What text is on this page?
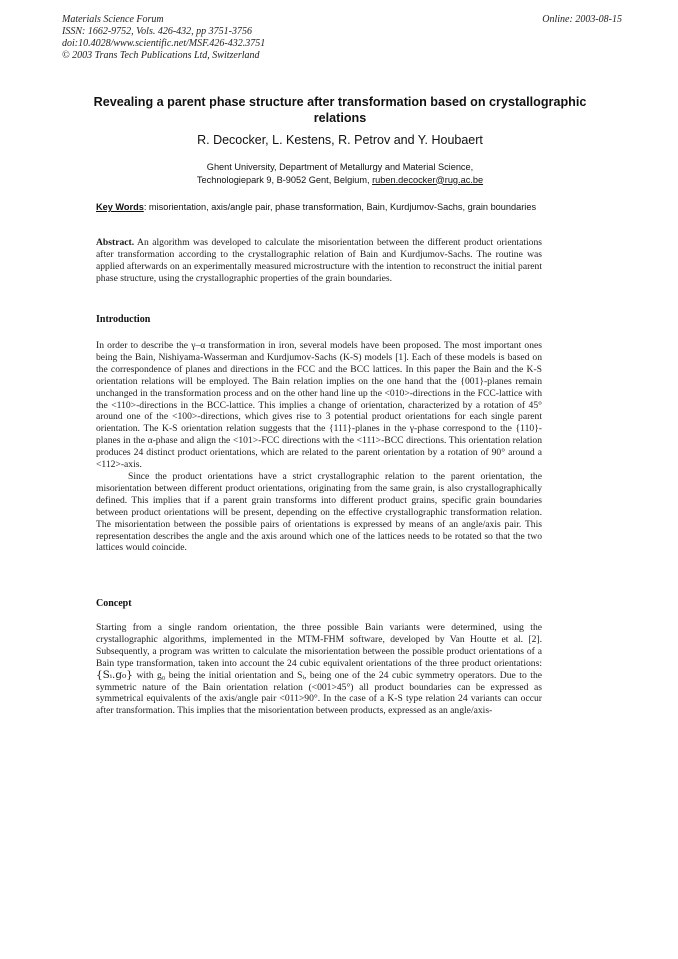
Materials Science Forum	Online: 2003-08-15
ISSN: 1662-9752, Vols. 426-432, pp 3751-3756
doi:10.4028/www.scientific.net/MSF.426-432.3751
© 2003 Trans Tech Publications Ltd, Switzerland
Revealing a parent phase structure after transformation based on crystallographic relations
R. Decocker, L. Kestens, R. Petrov and Y. Houbaert
Ghent University, Department of Metallurgy and Material Science,
Technologiepark 9, B-9052 Gent, Belgium, ruben.decocker@rug.ac.be
Key Words: misorientation, axis/angle pair, phase transformation, Bain, Kurdjumov-Sachs, grain boundaries

Abstract. An algorithm was developed to calculate the misorientation between the different product orientations after transformation according to the crystallographic relation of Bain and Kurdjumov-Sachs. The routine was applied afterwards on an experimentally measured microstructure with the intention to reconstruct the initial parent phase structure, using the crystallographic properties of the grain boundaries.

Introduction

In order to describe the γ–α transformation in iron, several models have been proposed. The most important ones being the Bain, Nishiyama-Wasserman and Kurdjumov-Sachs (K-S) models [1]. Each of these models is based on the correspondence of planes and directions in the FCC and the BCC lattices. In this paper the Bain and the K-S orientation relations will be employed. The Bain relation implies on the one hand that the {001}-planes remain unchanged in the transformation process and on the other hand line up the <010>-directions in the FCC-lattice with the <110>-directions in the BCC-lattice. This implies a change of orientation, characterized by a rotation of 45° around one of the <100>-directions, which gives rise to 3 potential product orientations for each single parent orientation. The K-S orientation relation suggests that the {111}-planes in the γ-phase correspond to the {110}-planes in the α-phase and align the <101>-FCC directions with the <111>-BCC directions. This orientation relation produces 24 distinct product orientations, which are related to the parent orientation by a rotation of 90° around a <112>-axis.

Since the product orientations have a strict crystallographic relation to the parent orientation, the misorientation between different product orientations, originating from the same grain, is also crystallographically defined. This implies that if a parent grain transforms into different product grains, specific grain boundaries between product orientations will be present, depending on the effective crystallographic transformation relation. The misorientation between the possible pairs of orientations is expressed by means of an angle/axis pair. This representation describes the angle and the axis around which one of the lattices needs to be rotated so that the two lattices would coincide.

Concept

Starting from a single random orientation, the three possible Bain variants were determined, using the crystallographic algorithms, implemented in the MTM-FHM software, developed by Van Houtte et al. [2]. Subsequently, a program was written to calculate the misorientation between the possible product orientations of a Bain type transformation, taken into account the 24 cubic equivalent orientations of the three product orientations: {Sᵢ.g₀} with g₀ being the initial orientation and Sᵢ, being one of the 24 cubic symmetry operators. Due to the symmetric nature of the Bain orientation relation (<001>45°) all product boundaries can be expressed as symmetrical equivalents of the axis/angle pair <011>90°. In the case of a K-S type relation 24 variants can occur after transformation. This implies that the misorientation between products, expressed as an angle/axis-
